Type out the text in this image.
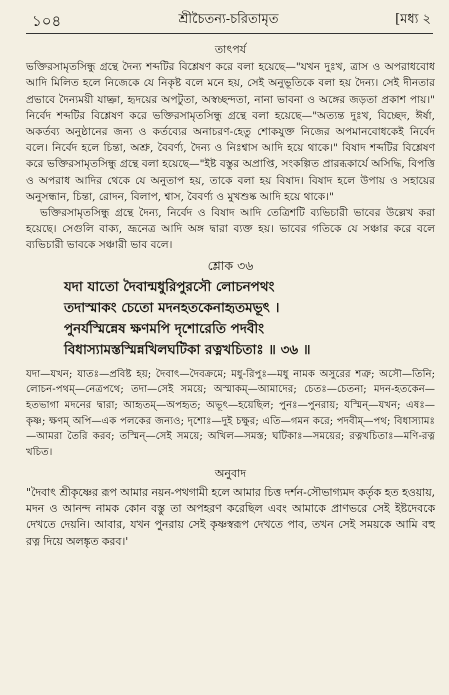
১০৪	শ্রীচৈতন্য-চরিতামৃত	[মধ্য ২
তাৎপর্য

ভক্তিরসামৃতসিন্ধু গ্রন্থে দৈন্য শব্দটির বিশ্লেষণ করে বলা হয়েছে—"যখন দুঃখ, ত্রাস ও অপরাধবোধ আদি মিলিত হলে নিজেকে যে নিকৃষ্ট বলে মনে হয়, সেই অনুভূতিকে বলা হয় দৈন্য। সেই দীনতার প্রভাবে দৈন্যময়ী যাচ্ঞা, হৃদয়ের অপটুতা, অস্বচ্ছন্দতা, নানা ভাবনা ও অঙ্গের জড়তা প্রকাশ পায়।" নির্বেদ শব্দটির বিশ্লেষণ করে ভক্তিরসামৃতসিন্ধু গ্রন্থে বলা হয়েছে—"অত্যন্ত দুঃখ, বিচ্ছেদ, ঈর্ষা, অকর্তব্য অনুষ্ঠানের জন্য ও কর্তব্যের অনাচরণ-হেতু শোকযুক্ত নিজের অপমানবোধকেই নির্বেদ বলে। নির্বেদ হলে চিন্তা, অশ্রু, বৈবর্ণ্য, দৈন্য ও নিঃশ্বাস আদি হয়ে থাকে।" বিষাদ শব্দটির বিশ্লেষণ করে ভক্তিরসামৃতসিন্ধু গ্রন্থে বলা হয়েছে—"ইষ্ট বস্তুর অপ্রাপ্তি, সংকল্পিত প্রারব্ধকার্যে অসিদ্ধি, বিপত্তি ও অপরাধ আদির থেকে যে অনুতাপ হয়, তাকে বলা হয় বিষাদ। বিষাদ হলে উপায় ও সহায়ের অনুসন্ধান, চিন্তা, রোদন, বিলাপ, শ্বাস, বৈবর্ণ্য ও মুখশুষ্ক আদি হয়ে থাকে।"

ভক্তিরসামৃতসিন্ধু গ্রন্থে দৈন্য, নির্বেদ ও বিষাদ আদি তেত্রিশটি ব্যভিচারী ভাবের উল্লেখ করা হয়েছে। সেগুলি বাক্য, ভ্রূনেত্র আদি অঙ্গ দ্বারা ব্যক্ত হয়। ভাবের গতিকে যে সঞ্চার করে বলে ব্যভিচারী ভাবকে সঞ্চারী ভাব বলে।

শ্লোক ৩৬
যদা যাতো দৈবান্মধুরিপুরসৌ লোচনপথং
তদাস্মাকং চেতো মদনহতকেনাহৃতমভূৎ ।
পুনর্যস্মিন্নেষ ক্ষণমপি দৃশোরেতি পদবীং
বিধাস্যামস্তস্মিন্নখিলঘটিকা রত্নখচিতাঃ ॥ ৩৬ ॥
যদা—যখন; যাতঃ—প্রবিষ্ট হয়; দৈবাৎ—দৈবক্রমে; মধু-রিপুঃ—মধু নামক অসুরের শত্রু; অসৌ—তিনি; লোচন-পথম্—নেত্রপথে; তদা—সেই সময়ে; অস্মাকম্—আমাদের; চেতঃ—চেতনা; মদন-হতকেন—হতভাগা মদনের দ্বারা; আহৃতম্—অপহৃত; অভূৎ—হয়েছিল; পুনঃ—পুনরায়; যস্মিন্—যখন; এষঃ—কৃষ্ণ; ক্ষণম্ অপি—এক পলকের জন্যও; দৃশোঃ—দুই চক্ষুর; এতি—গমন করে; পদবীম্—পথ; বিধাস্যামঃ—আমরা তৈরি করব; তস্মিন্—সেই সময়ে; অখিল—সমস্ত; ঘটিকাঃ—সময়ের; রত্নখচিতাঃ—মণি-রত্ন খচিত।
অনুবাদ

"দৈবাৎ শ্রীকৃষ্ণের রূপ আমার নয়ন-পথগামী হলে আমার চিত্ত দর্শন-সৌভাগ্যমদ কর্তৃক হত হওয়ায়, মদন ও আনন্দ নামক কোন বস্তু তা অপহরণ করেছিল এবং আমাকে প্রাণভরে সেই ইষ্টদেবকে দেখতে দেয়নি। আবার, যখন পুনরায় সেই কৃষ্ণস্বরূপ দেখতে পাব, তখন সেই সময়কে আমি বহু রত্ন দিয়ে অলঙ্কৃত করব।'
